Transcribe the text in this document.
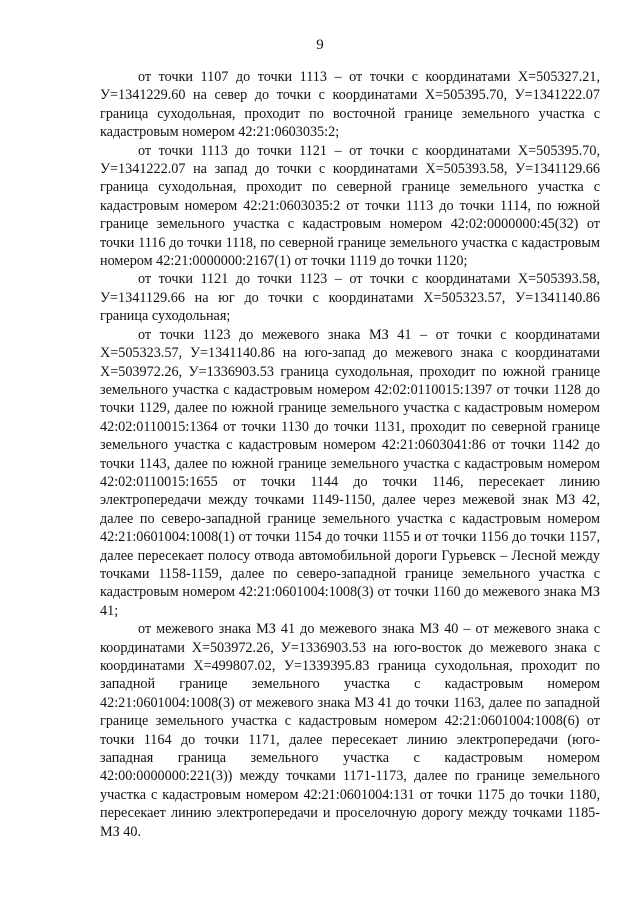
9

от точки 1107 до точки 1113 – от точки с координатами Х=505327.21, У=1341229.60 на север до точки с координатами Х=505395.70, У=1341222.07 граница суходольная, проходит по восточной границе земельного участка с кадастровым номером 42:21:0603035:2;

от точки 1113 до точки 1121 – от точки с координатами Х=505395.70, У=1341222.07 на запад до точки с координатами Х=505393.58, У=1341129.66 граница суходольная, проходит по северной границе земельного участка с кадастровым номером 42:21:0603035:2 от точки 1113 до точки 1114, по южной границе земельного участка с кадастровым номером 42:02:0000000:45(32) от точки 1116 до точки 1118, по северной границе земельного участка с кадастровым номером 42:21:0000000:2167(1) от точки 1119 до точки 1120;

от точки 1121 до точки 1123 – от точки с координатами Х=505393.58, У=1341129.66 на юг до точки с координатами Х=505323.57, У=1341140.86 граница суходольная;

от точки 1123 до межевого знака МЗ 41 – от точки с координатами Х=505323.57, У=1341140.86 на юго-запад до межевого знака с координатами Х=503972.26, У=1336903.53 граница суходольная, проходит по южной границе земельного участка с кадастровым номером 42:02:0110015:1397 от точки 1128 до точки 1129, далее по южной границе земельного участка с кадастровым номером 42:02:0110015:1364 от точки 1130 до точки 1131, проходит по северной границе земельного участка с кадастровым номером 42:21:0603041:86 от точки 1142 до точки 1143, далее по южной границе земельного участка с кадастровым номером 42:02:0110015:1655 от точки 1144 до точки 1146, пересекает линию электропередачи между точками 1149-1150, далее через межевой знак МЗ 42, далее по северо-западной границе земельного участка с кадастровым номером 42:21:0601004:1008(1) от точки 1154 до точки 1155 и от точки 1156 до точки 1157, далее пересекает полосу отвода автомобильной дороги Гурьевск – Лесной между точками 1158-1159, далее по северо-западной границе земельного участка с кадастровым номером 42:21:0601004:1008(3) от точки 1160 до межевого знака МЗ 41;

от межевого знака МЗ 41 до межевого знака МЗ 40 – от межевого знака с координатами Х=503972.26, У=1336903.53 на юго-восток до межевого знака с координатами Х=499807.02, У=1339395.83 граница суходольная, проходит по западной границе земельного участка с кадастровым номером 42:21:0601004:1008(3) от межевого знака МЗ 41 до точки 1163, далее по западной границе земельного участка с кадастровым номером 42:21:0601004:1008(6) от точки 1164 до точки 1171, далее пересекает линию электропередачи (юго-западная граница земельного участка с кадастровым номером 42:00:0000000:221(3)) между точками 1171-1173, далее по границе земельного участка с кадастровым номером 42:21:0601004:131 от точки 1175 до точки 1180, пересекает линию электропередачи и проселочную дорогу между точками 1185-МЗ 40.
